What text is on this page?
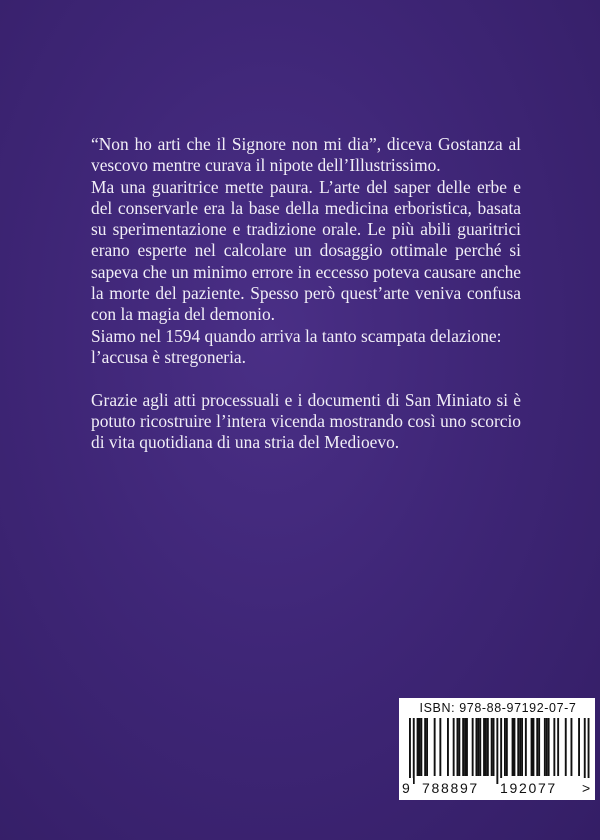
“Non ho arti che il Signore non mi dia”, diceva Gostanza al vescovo mentre curava il nipote dell’Illustrissimo.

Ma una guaritrice mette paura. L’arte del saper delle erbe e del conservarle era la base della medicina erboristica, basata su sperimentazione e tradizione orale. Le più abili guaritrici erano esperte nel calcolare un dosaggio ottimale perché si sapeva che un minimo errore in eccesso poteva causare anche la morte del paziente. Spesso però quest’arte veniva confusa con la magia del demonio.

Siamo nel 1594 quando arriva la tanto scampata delazione: l’accusa è stregoneria.

Grazie agli atti processuali e i documenti di San Miniato si è potuto ricostruire l’intera vicenda mostrando così uno scorcio di vita quotidiana di una stria del Medioevo.

ISBN: 978-88-97192-07-7
9 788897 192077 >
